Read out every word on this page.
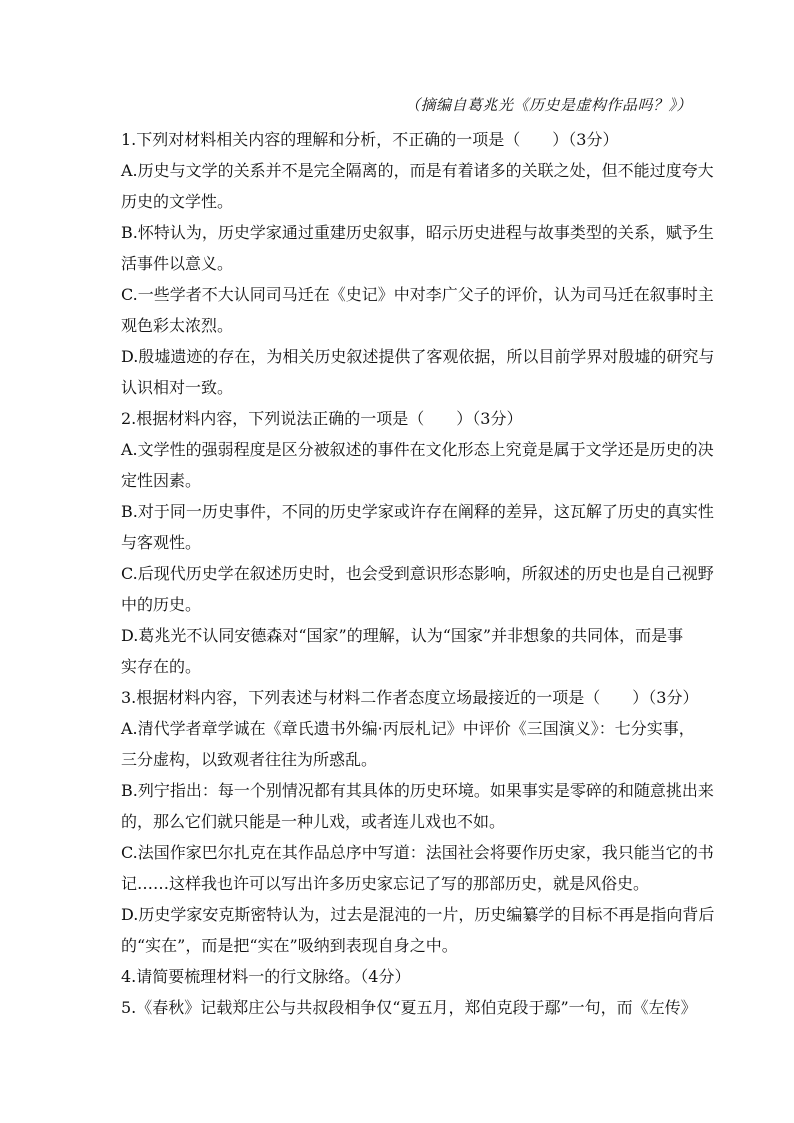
（摘编自葛兆光《历史是虚构作品吗？》）
1.下列对材料相关内容的理解和分析，不正确的一项是（　　）（3分）
A.历史与文学的关系并不是完全隔离的，而是有着诸多的关联之处，但不能过度夸大
历史的文学性。
B.怀特认为，历史学家通过重建历史叙事，昭示历史进程与故事类型的关系，赋予生
活事件以意义。
C.一些学者不大认同司马迁在《史记》中对李广父子的评价，认为司马迁在叙事时主
观色彩太浓烈。
D.殷墟遗迹的存在，为相关历史叙述提供了客观依据，所以目前学界对殷墟的研究与
认识相对一致。
2.根据材料内容，下列说法正确的一项是（　　）（3分）
A.文学性的强弱程度是区分被叙述的事件在文化形态上究竟是属于文学还是历史的决
定性因素。
B.对于同一历史事件，不同的历史学家或许存在阐释的差异，这瓦解了历史的真实性
与客观性。
C.后现代历史学在叙述历史时，也会受到意识形态影响，所叙述的历史也是自己视野
中的历史。
D.葛兆光不认同安德森对“国家”的理解，认为“国家”并非想象的共同体，而是事
实存在的。
3.根据材料内容，下列表述与材料二作者态度立场最接近的一项是（　　）（3分）
A.清代学者章学诚在《章氏遗书外编·丙辰札记》中评价《三国演义》：七分实事，
三分虚构，以致观者往往为所惑乱。
B.列宁指出：每一个别情况都有其具体的历史环境。如果事实是零碎的和随意挑出来
的，那么它们就只能是一种儿戏，或者连儿戏也不如。
C.法国作家巴尔扎克在其作品总序中写道：法国社会将要作历史家，我只能当它的书
记……这样我也许可以写出许多历史家忘记了写的那部历史，就是风俗史。
D.历史学家安克斯密特认为，过去是混沌的一片，历史编纂学的目标不再是指向背后
的“实在”，而是把“实在”吸纳到表现自身之中。
4.请简要梳理材料一的行文脉络。（4分）
5.《春秋》记载郑庄公与共叔段相争仅“夏五月，郑伯克段于鄢”一句，而《左传》
